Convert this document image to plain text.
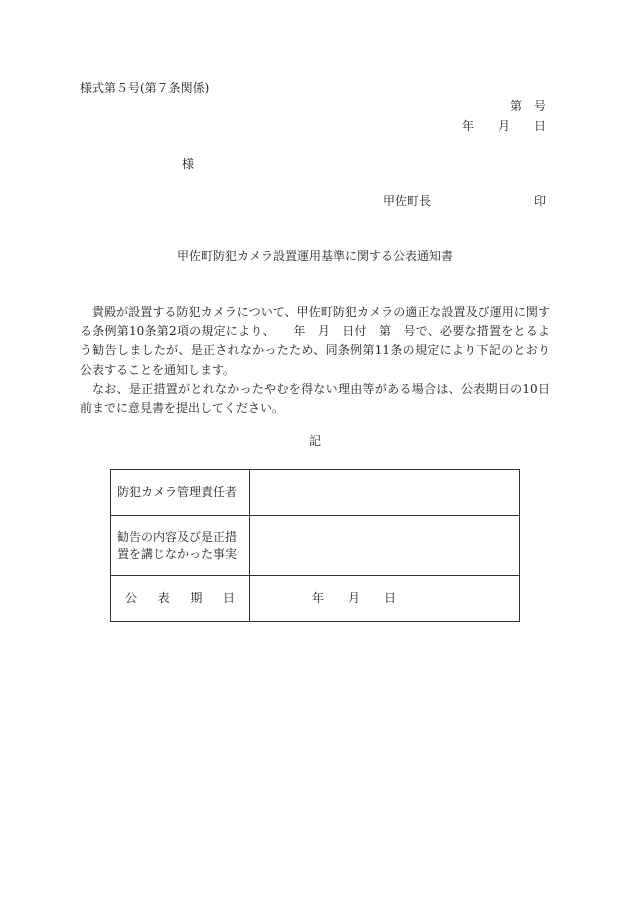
様式第５号(第７条関係)
第　号
年　　月　　日
様
甲佐町長	印
甲佐町防犯カメラ設置運用基準に関する公表通知書

貴殿が設置する防犯カメラについて、甲佐町防犯カメラの適正な設置及び運用に関する条例第10条第2項の規定により、　　年　月　日付　第　号で、必要な措置をとるよう勧告しましたが、是正されなかったため、同条例第11条の規定により下記のとおり公表することを通知します。

なお、是正措置がとれなかったやむを得ない理由等がある場合は、公表期日の10日前までに意見書を提出してください。

記
防犯カメラ管理責任者	
勧告の内容及び是正措置を講じなかった事実	

公表期日	年　　月　　日
